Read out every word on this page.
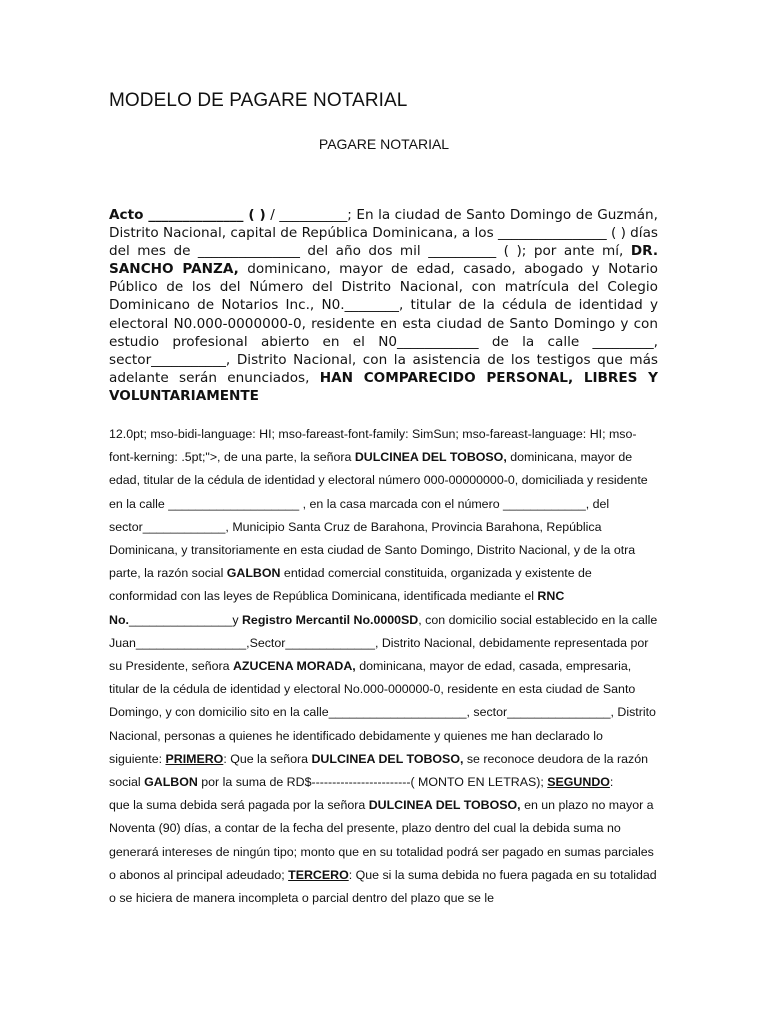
MODELO DE PAGARE NOTARIAL
PAGARE NOTARIAL

Acto ______________ ( ) / __________; En la ciudad de Santo Domingo de Guzmán, Distrito Nacional, capital de República Dominicana, a los ________________ ( ) días del mes de _______________ del año dos mil __________ ( ); por ante mí, DR. SANCHO PANZA, dominicano, mayor de edad, casado, abogado y Notario Público de los del Número del Distrito Nacional, con matrícula del Colegio Dominicano de Notarios Inc., N0.________, titular de la cédula de identidad y electoral N0.000-0000000-0, residente en esta ciudad de Santo Domingo y con estudio profesional abierto en el N0____________ de la calle _________, sector___________, Distrito Nacional, con la asistencia de los testigos que más adelante serán enunciados, HAN COMPARECIDO PERSONAL, LIBRES Y VOLUNTARIAMENTE

12.0pt; mso-bidi-language: HI; mso-fareast-font-family: SimSun; mso-fareast-language: HI; mso-font-kerning: .5pt;">, de una parte, la señora DULCINEA DEL TOBOSO, dominicana, mayor de edad, titular de la cédula de identidad y electoral número 000-00000000-0, domiciliada y residente en la calle ___________________ , en la casa marcada con el número ____________, del sector____________, Municipio Santa Cruz de Barahona, Provincia Barahona, República Dominicana, y transitoriamente en esta ciudad de Santo Domingo, Distrito Nacional, y de la otra parte, la razón social GALBON entidad comercial constituida, organizada y existente de conformidad con las leyes de República Dominicana, identificada mediante el RNC No._______________y Registro Mercantil No.0000SD, con domicilio social establecido en la calle Juan________________,Sector_____________, Distrito Nacional, debidamente representada por su Presidente, señora AZUCENA MORADA, dominicana, mayor de edad, casada, empresaria, titular de la cédula de identidad y electoral No.000-000000-0, residente en esta ciudad de Santo Domingo, y con domicilio sito en la calle____________________, sector_______________, Distrito Nacional, personas a quienes he identificado debidamente y quienes me han declarado lo siguiente: PRIMERO: Que la señora DULCINEA DEL TOBOSO, se reconoce deudora de la razón social GALBON por la suma de RD$------------------------( MONTO EN LETRAS); SEGUNDO:
que la suma debida será pagada por la señora DULCINEA DEL TOBOSO, en un plazo no mayor a Noventa (90) días, a contar de la fecha del presente, plazo dentro del cual la debida suma no generará intereses de ningún tipo; monto que en su totalidad podrá ser pagado en sumas parciales o abonos al principal adeudado; TERCERO: Que si la suma debida no fuera pagada en su totalidad o se hiciera de manera incompleta o parcial dentro del plazo que se le
